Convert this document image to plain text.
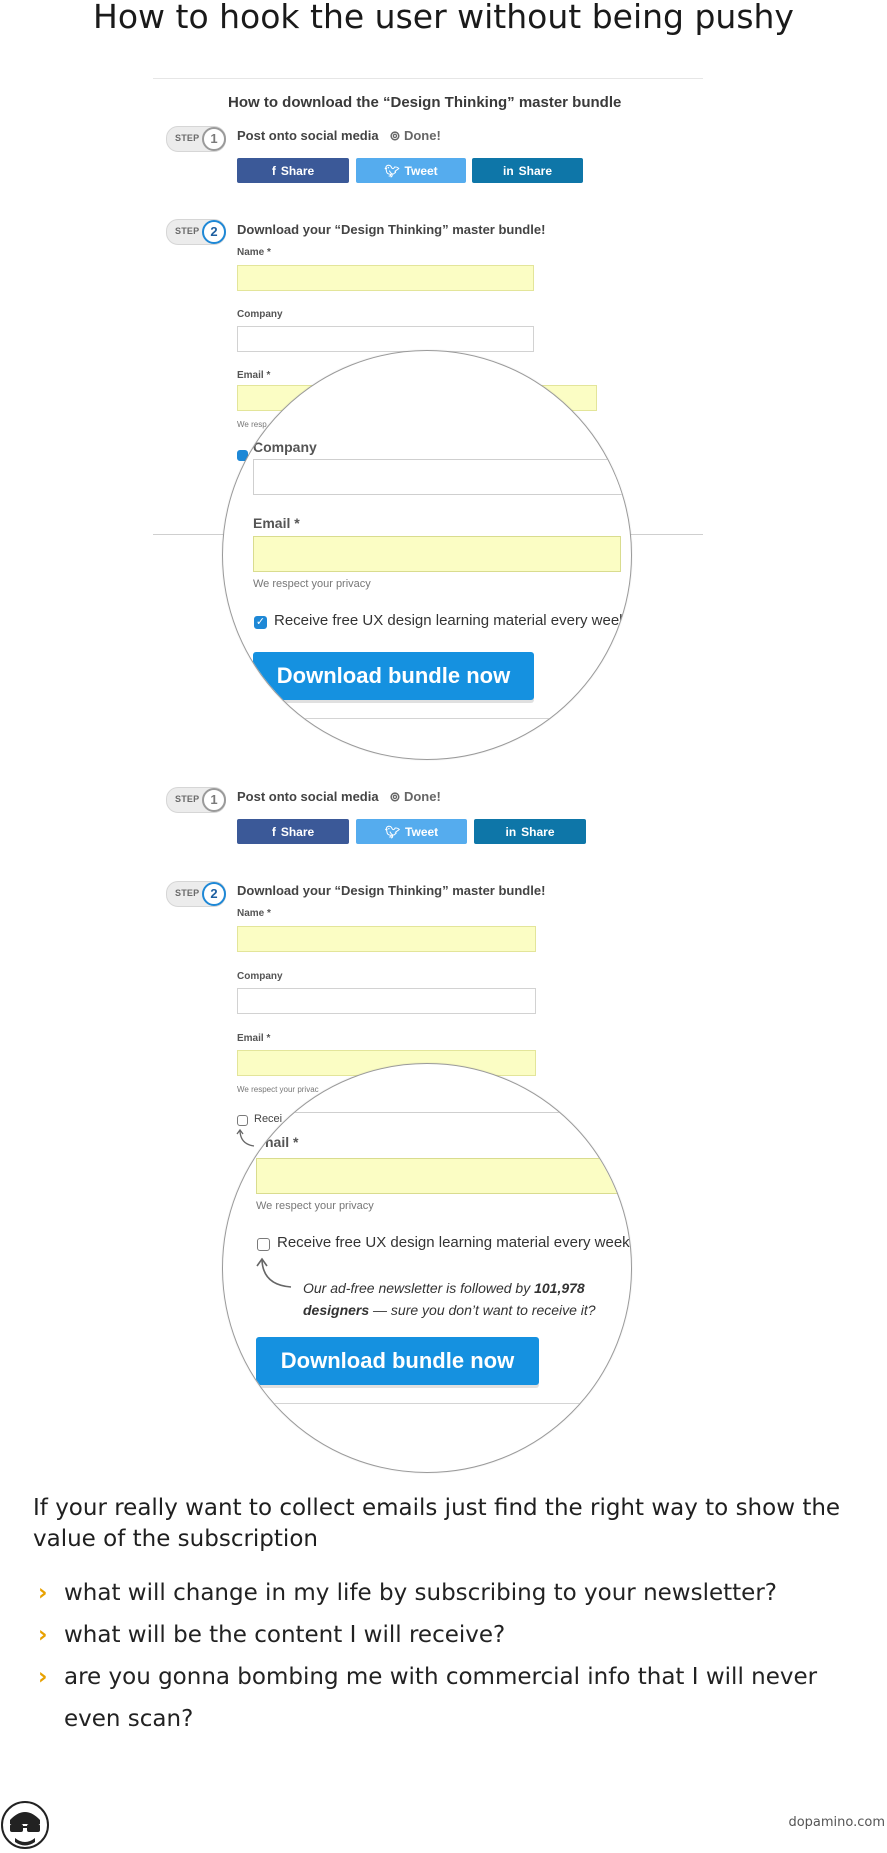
How to hook the user without being pushy
How to download the “Design Thinking” master bundle
STEP 1	Post onto social media ⊚ Done!
f Share	🐦︎ Tweet	in Share
STEP 2	Download your “Design Thinking” master bundle!
Name *
Company
Email *
We resp
Company
Email *
We respect your privacy
✓ Receive free UX design learning material every week
Download bundle now
STEP 1	Post onto social media ⊚ Done!
f Share	🐦︎ Tweet	in Share
STEP 2	Download your “Design Thinking” master bundle!
Name *
Company
Email *
We respect your privac
Recei
nail *
We respect your privacy
Receive free UX design learning material every week
Our ad-free newsletter is followed by 101,978
designers — sure you don’t want to receive it?
Download bundle now
If your really want to collect emails just find the right way to show the value of the subscription
› what will change in my life by subscribing to your newsletter?
› what will be the content I will receive?
› are you gonna bombing me with commercial info that I will never even scan?
dopamino.com
